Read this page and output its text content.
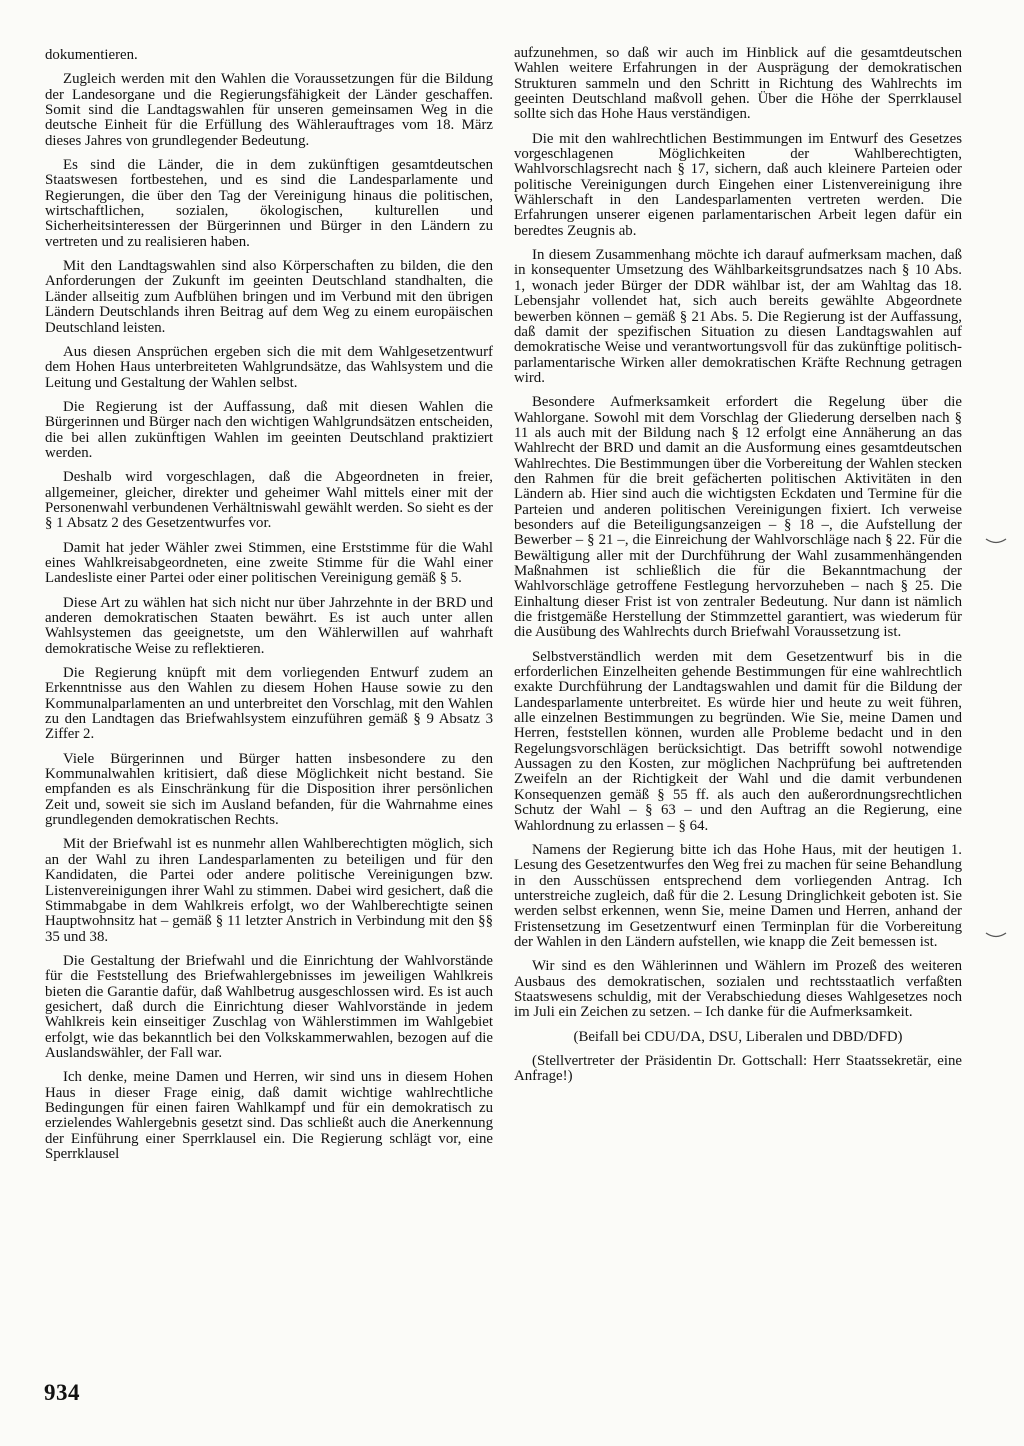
dokumentieren.

Zugleich werden mit den Wahlen die Voraussetzungen für die Bildung der Landesorgane und die Regierungsfähigkeit der Länder geschaffen. Somit sind die Landtagswahlen für unseren gemeinsamen Weg in die deutsche Einheit für die Erfüllung des Wählerauftrages vom 18. März dieses Jahres von grundlegender Bedeutung.

Es sind die Länder, die in dem zukünftigen gesamtdeutschen Staatswesen fortbestehen, und es sind die Landesparlamente und Regierungen, die über den Tag der Vereinigung hinaus die politischen, wirtschaftlichen, sozialen, ökologischen, kulturellen und Sicherheitsinteressen der Bürgerinnen und Bürger in den Ländern zu vertreten und zu realisieren haben.

Mit den Landtagswahlen sind also Körperschaften zu bilden, die den Anforderungen der Zukunft im geeinten Deutschland standhalten, die Länder allseitig zum Aufblühen bringen und im Verbund mit den übrigen Ländern Deutschlands ihren Beitrag auf dem Weg zu einem europäischen Deutschland leisten.

Aus diesen Ansprüchen ergeben sich die mit dem Wahlgesetzentwurf dem Hohen Haus unterbreiteten Wahlgrundsätze, das Wahlsystem und die Leitung und Gestaltung der Wahlen selbst.

Die Regierung ist der Auffassung, daß mit diesen Wahlen die Bürgerinnen und Bürger nach den wichtigen Wahlgrundsätzen entscheiden, die bei allen zukünftigen Wahlen im geeinten Deutschland praktiziert werden.

Deshalb wird vorgeschlagen, daß die Abgeordneten in freier, allgemeiner, gleicher, direkter und geheimer Wahl mittels einer mit der Personenwahl verbundenen Verhältniswahl gewählt werden. So sieht es der § 1 Absatz 2 des Gesetzentwurfes vor.

Damit hat jeder Wähler zwei Stimmen, eine Erststimme für die Wahl eines Wahlkreisabgeordneten, eine zweite Stimme für die Wahl einer Landesliste einer Partei oder einer politischen Vereinigung gemäß § 5.

Diese Art zu wählen hat sich nicht nur über Jahrzehnte in der BRD und anderen demokratischen Staaten bewährt. Es ist auch unter allen Wahlsystemen das geeignetste, um den Wählerwillen auf wahrhaft demokratische Weise zu reflektieren.

Die Regierung knüpft mit dem vorliegenden Entwurf zudem an Erkenntnisse aus den Wahlen zu diesem Hohen Hause sowie zu den Kommunalparlamenten an und unterbreitet den Vorschlag, mit den Wahlen zu den Landtagen das Briefwahlsystem einzuführen gemäß § 9 Absatz 3 Ziffer 2.

Viele Bürgerinnen und Bürger hatten insbesondere zu den Kommunalwahlen kritisiert, daß diese Möglichkeit nicht bestand. Sie empfanden es als Einschränkung für die Disposition ihrer persönlichen Zeit und, soweit sie sich im Ausland befanden, für die Wahrnahme eines grundlegenden demokratischen Rechts.

Mit der Briefwahl ist es nunmehr allen Wahlberechtigten möglich, sich an der Wahl zu ihren Landesparlamenten zu beteiligen und für den Kandidaten, die Partei oder andere politische Vereinigungen bzw. Listenvereinigungen ihrer Wahl zu stimmen. Dabei wird gesichert, daß die Stimmabgabe in dem Wahlkreis erfolgt, wo der Wahlberechtigte seinen Hauptwohnsitz hat – gemäß § 11 letzter Anstrich in Verbindung mit den §§ 35 und 38.

Die Gestaltung der Briefwahl und die Einrichtung der Wahlvorstände für die Feststellung des Briefwahlergebnisses im jeweiligen Wahlkreis bieten die Garantie dafür, daß Wahlbetrug ausgeschlossen wird. Es ist auch gesichert, daß durch die Einrichtung dieser Wahlvorstände in jedem Wahlkreis kein einseitiger Zuschlag von Wählerstimmen im Wahlgebiet erfolgt, wie das bekanntlich bei den Volkskammerwahlen, bezogen auf die Auslandswähler, der Fall war.

Ich denke, meine Damen und Herren, wir sind uns in diesem Hohen Haus in dieser Frage einig, daß damit wichtige wahlrechtliche Bedingungen für einen fairen Wahlkampf und für ein demokratisch zu erzielendes Wahlergebnis gesetzt sind. Das schließt auch die Anerkennung der Einführung einer Sperrklausel ein. Die Regierung schlägt vor, eine Sperrklausel

aufzunehmen, so daß wir auch im Hinblick auf die gesamtdeutschen Wahlen weitere Erfahrungen in der Ausprägung der demokratischen Strukturen sammeln und den Schritt in Richtung des Wahlrechts im geeinten Deutschland maßvoll gehen. Über die Höhe der Sperrklausel sollte sich das Hohe Haus verständigen.

Die mit den wahlrechtlichen Bestimmungen im Entwurf des Gesetzes vorgeschlagenen Möglichkeiten der Wahlberechtigten, Wahlvorschlagsrecht nach § 17, sichern, daß auch kleinere Parteien oder politische Vereinigungen durch Eingehen einer Listenvereinigung ihre Wählerschaft in den Landesparlamenten vertreten werden. Die Erfahrungen unserer eigenen parlamentarischen Arbeit legen dafür ein beredtes Zeugnis ab.

In diesem Zusammenhang möchte ich darauf aufmerksam machen, daß in konsequenter Umsetzung des Wählbarkeitsgrundsatzes nach § 10 Abs. 1, wonach jeder Bürger der DDR wählbar ist, der am Wahltag das 18. Lebensjahr vollendet hat, sich auch bereits gewählte Abgeordnete bewerben können – gemäß § 21 Abs. 5. Die Regierung ist der Auffassung, daß damit der spezifischen Situation zu diesen Landtagswahlen auf demokratische Weise und verantwortungsvoll für das zukünftige politisch-parlamentarische Wirken aller demokratischen Kräfte Rechnung getragen wird.

Besondere Aufmerksamkeit erfordert die Regelung über die Wahlorgane. Sowohl mit dem Vorschlag der Gliederung derselben nach § 11 als auch mit der Bildung nach § 12 erfolgt eine Annäherung an das Wahlrecht der BRD und damit an die Ausformung eines gesamtdeutschen Wahlrechtes. Die Bestimmungen über die Vorbereitung der Wahlen stecken den Rahmen für die breit gefächerten politischen Aktivitäten in den Ländern ab. Hier sind auch die wichtigsten Eckdaten und Termine für die Parteien und anderen politischen Vereinigungen fixiert. Ich verweise besonders auf die Beteiligungsanzeigen – § 18 –, die Aufstellung der Bewerber – § 21 –, die Einreichung der Wahlvorschläge nach § 22. Für die Bewältigung aller mit der Durchführung der Wahl zusammenhängenden Maßnahmen ist schließlich die für die Bekanntmachung der Wahlvorschläge getroffene Festlegung hervorzuheben – nach § 25. Die Einhaltung dieser Frist ist von zentraler Bedeutung. Nur dann ist nämlich die fristgemäße Herstellung der Stimmzettel garantiert, was wiederum für die Ausübung des Wahlrechts durch Briefwahl Voraussetzung ist.

Selbstverständlich werden mit dem Gesetzentwurf bis in die erforderlichen Einzelheiten gehende Bestimmungen für eine wahlrechtlich exakte Durchführung der Landtagswahlen und damit für die Bildung der Landesparlamente unterbreitet. Es würde hier und heute zu weit führen, alle einzelnen Bestimmungen zu begründen. Wie Sie, meine Damen und Herren, feststellen können, wurden alle Probleme bedacht und in den Regelungsvorschlägen berücksichtigt. Das betrifft sowohl notwendige Aussagen zu den Kosten, zur möglichen Nachprüfung bei auftretenden Zweifeln an der Richtigkeit der Wahl und die damit verbundenen Konsequenzen gemäß § 55 ff. als auch den außerordnungsrechtlichen Schutz der Wahl – § 63 – und den Auftrag an die Regierung, eine Wahlordnung zu erlassen – § 64.

Namens der Regierung bitte ich das Hohe Haus, mit der heutigen 1. Lesung des Gesetzentwurfes den Weg frei zu machen für seine Behandlung in den Ausschüssen entsprechend dem vorliegenden Antrag. Ich unterstreiche zugleich, daß für die 2. Lesung Dringlichkeit geboten ist. Sie werden selbst erkennen, wenn Sie, meine Damen und Herren, anhand der Fristensetzung im Gesetzentwurf einen Terminplan für die Vorbereitung der Wahlen in den Ländern aufstellen, wie knapp die Zeit bemessen ist.

Wir sind es den Wählerinnen und Wählern im Prozeß des weiteren Ausbaus des demokratischen, sozialen und rechtsstaatlich verfaßten Staatswesens schuldig, mit der Verabschiedung dieses Wahlgesetzes noch im Juli ein Zeichen zu setzen. – Ich danke für die Aufmerksamkeit.

(Beifall bei CDU/DA, DSU, Liberalen und DBD/DFD)

(Stellvertreter der Präsidentin Dr. Gottschall: Herr Staatssekretär, eine Anfrage!)

934
